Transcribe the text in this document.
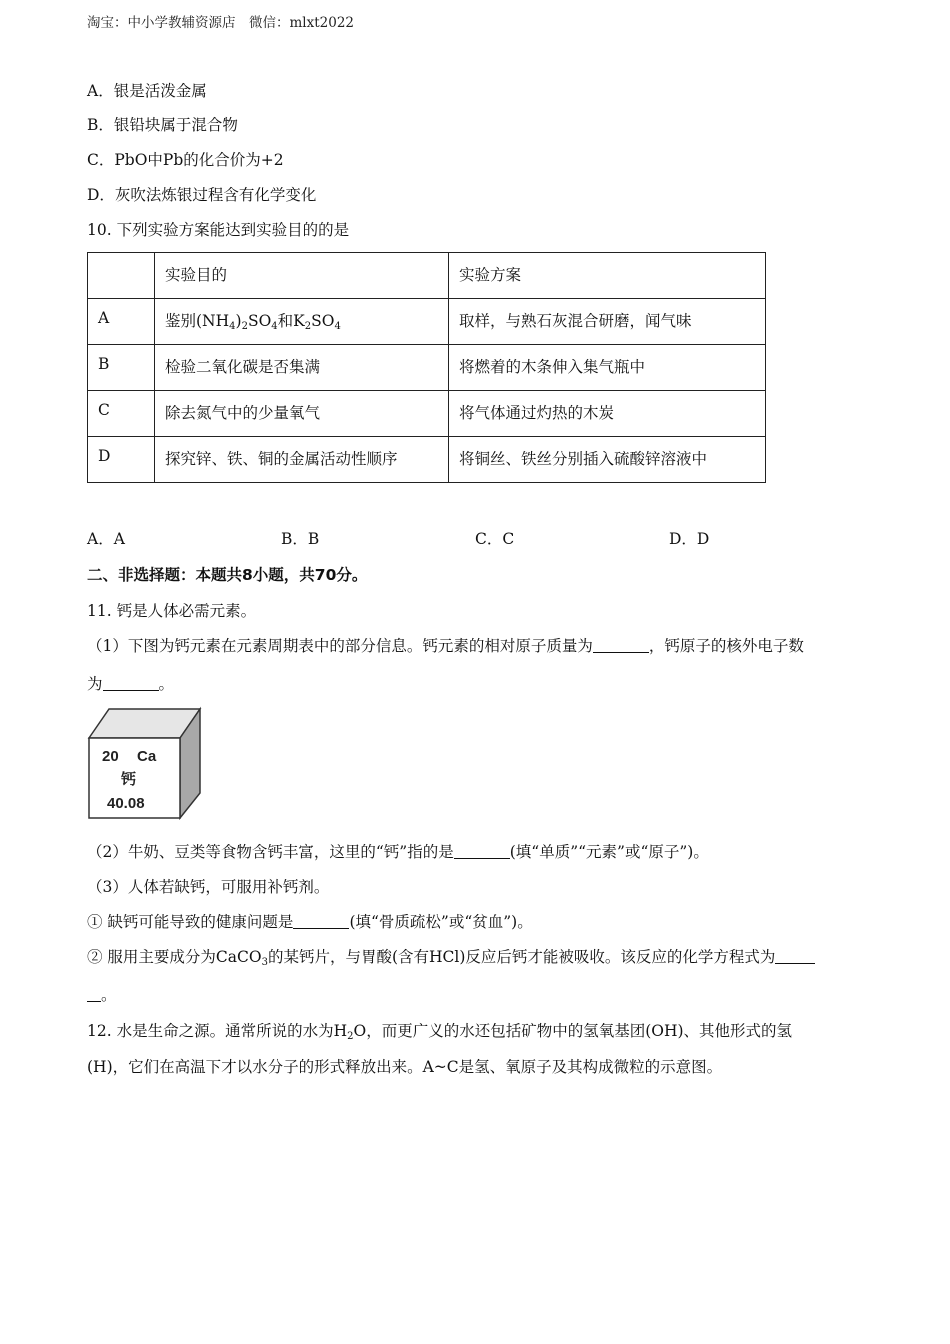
淘宝：中小学教辅资源店　微信：mlxt2022
A．银是活泼金属
B．银铅块属于混合物
C．PbO中Pb的化合价为+2
D．灰吹法炼银过程含有化学变化
10. 下列实验方案能达到实验目的的是
	实验目的	实验方案
A	鉴别$(NH_4)_2SO_4$和$K_2SO_4$	取样，与熟石灰混合研磨，闻气味
B	检验二氧化碳是否集满	将燃着的木条伸入集气瓶中
C	除去氮气中的少量氧气	将气体通过灼热的木炭
D	探究锌、铁、铜的金属活动性顺序	将铜丝、铁丝分别插入硫酸锌溶液中
A．A	B．B	C．C	D．D
二、非选择题：本题共8小题，共70分。
11. 钙是人体必需元素。
（1）下图为钙元素在元素周期表中的部分信息。钙元素的相对原子质量为	，钙原子的核外电子数
为	。
20 Ca
钙
40.08
（2）牛奶、豆类等食物含钙丰富，这里的“钙”指的是	(填“单质”“元素”或“原子”)。
（3）人体若缺钙，可服用补钙剂。
① 缺钙可能导致的健康问题是	(填“骨质疏松”或“贫血”)。
② 服用主要成分为CaCO$_3$的某钙片，与胃酸(含有HCl)反应后钙才能被吸收。该反应的化学方程式为
。
12. 水是生命之源。通常所说的水为$H_2O$，而更广义的水还包括矿物中的氢氧基团(OH)、其他形式的氢
(H)，它们在高温下才以水分子的形式释放出来。A~C是氢、氧原子及其构成微粒的示意图。
